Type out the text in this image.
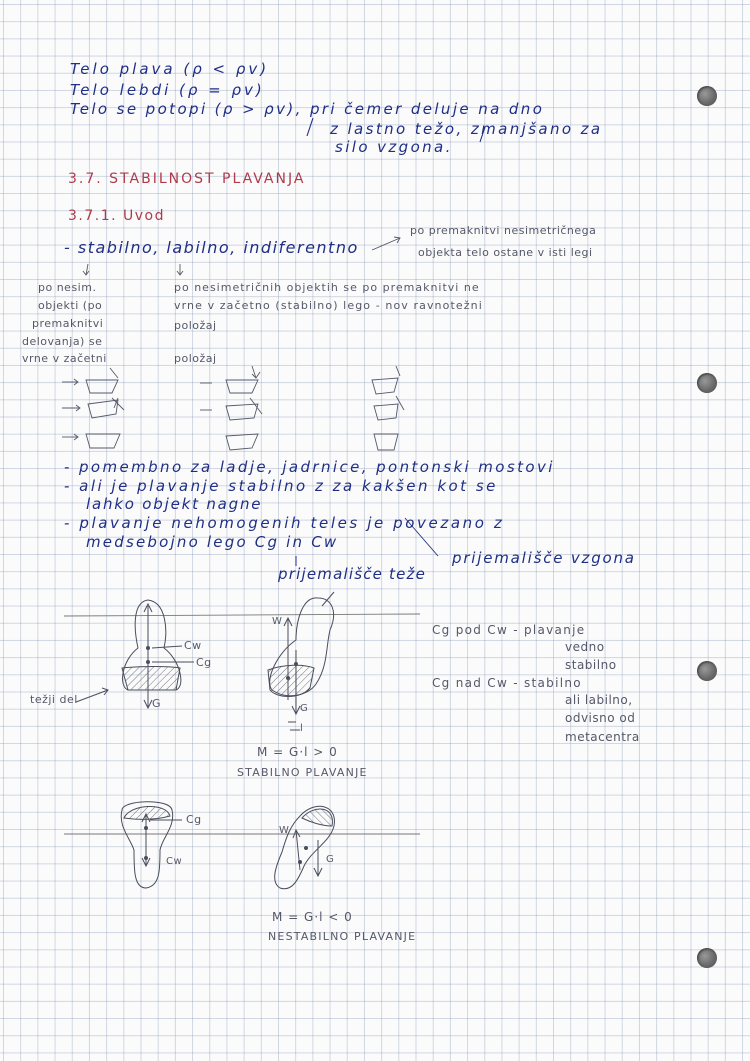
Telo plava (ρ < ρv)
Telo lebdi (ρ = ρv)
Telo se potopi (ρ > ρv), pri čemer deluje na dno
z lastno težo, zmanjšano za
silo vzgona.
3.7. STABILNOST PLAVANJA
3.7.1. Uvod
- stabilno, labilno, indiferentno
po premaknitvi nesimetričnega
objekta telo ostane v isti legi
po nesim.
objekti (po
premaknitvi
delovanja) se
vrne v začetni
po nesimetričnih objektih se po premaknitvi ne
vrne v začetno (stabilno) lego - nov ravnotežni
položaj
položaj
- pomembno za ladje, jadrnice, pontonski mostovi
- ali je plavanje stabilno z za kakšen kot se
lahko objekt nagne
- plavanje nehomogenih teles je povezano z
medsebojno lego Cg in Cw
prijemališče vzgona
prijemališče teže
Cg pod Cw - plavanje
vedno
stabilno
Cg nad Cw - stabilno
ali labilno,
odvisno od
metacentra
Cw
Cg
G
težji del
W
G
l
M = G·l > 0
STABILNO PLAVANJE
Cg
Cw
W
G
M = G·l < 0
NESTABILNO PLAVANJE
